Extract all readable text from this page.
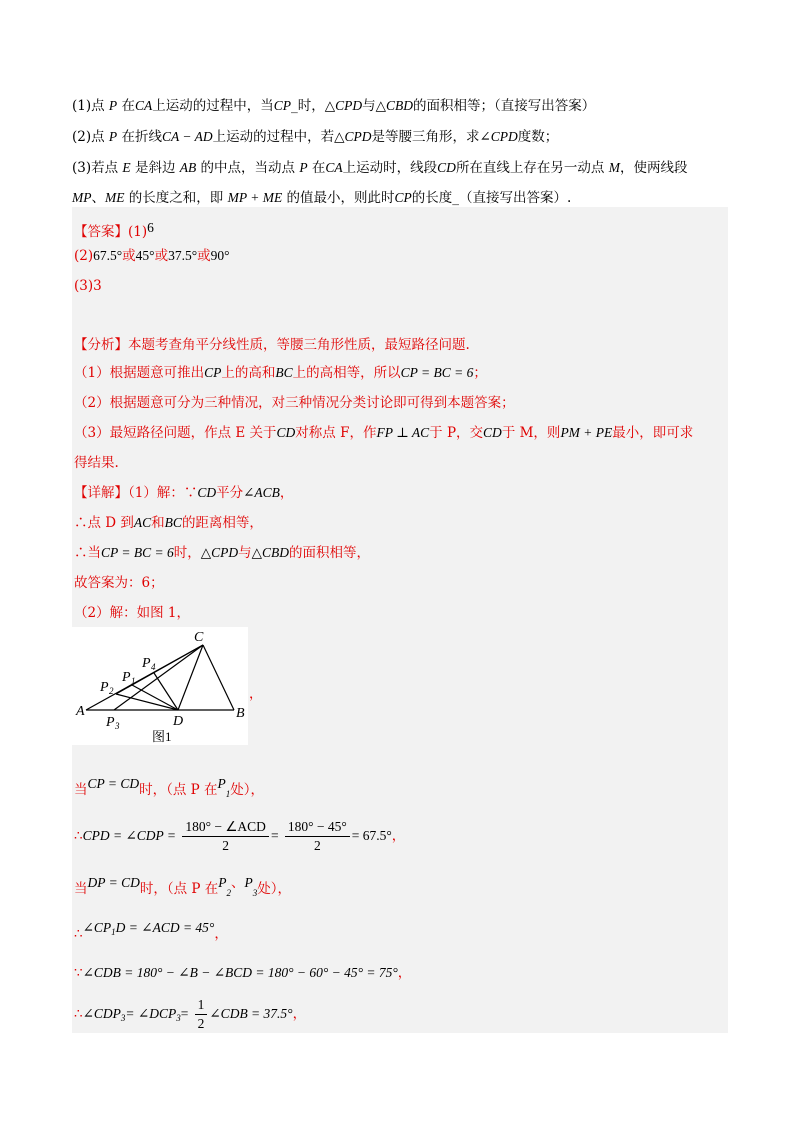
(1)点 P 在CA上运动的过程中，当CP_时，△CPD与△CBD的面积相等；（直接写出答案）
(2)点 P 在折线CA − AD上运动的过程中，若△CPD是等腰三角形，求∠CPD度数；
(3)若点 E 是斜边 AB 的中点，当动点 P 在CA上运动时，线段CD所在直线上存在另一动点 M，使两线段
MP、ME 的长度之和，即 MP + ME 的值最小，则此时CP的长度_（直接写出答案）.
【答案】(1)6
(2)67.5°或45°或37.5°或90°
(3)3
【分析】本题考查角平分线性质，等腰三角形性质，最短路径问题.
（1）根据题意可推出CP上的高和BC上的高相等，所以CP = BC = 6；
（2）根据题意可分为三种情况，对三种情况分类讨论即可得到本题答案；
（3）最短路径问题，作点 E 关于CD对称点 F，作FP ⊥ AC于 P，交CD于 M，则PM + PE最小，即可求
得结果.
【详解】（1）解：∵CD平分∠ACB，
∴点 D 到AC和BC的距离相等，
∴当CP = BC = 6时，△CPD与△CBD的面积相等，
故答案为：6；
（2）解：如图 1，
A	B
C
D
P 1
P 2
P 3
P 4
图1
，
当CP = CD时，（点 P 在$P_1$处），
∴CPD = ∠CDP = $\frac{\text{180° − ∠ACD}}{2} = \frac{180^\circ - 45^\circ}{2} = 67.5^\circ$，
当DP = CD时，（点 P 在$P_2$、$P_3$处），
$\therefore\angle CP_1D$ = ∠ACD = 45°，
∵∠CDB = 180° − ∠B − ∠BCD = 180° − 60° − 45° = 75°，
$\therefore\angle CDP_3=$ $\angle DCP_3= \frac{1}{2}$ ∠CDB = 37.5°，
